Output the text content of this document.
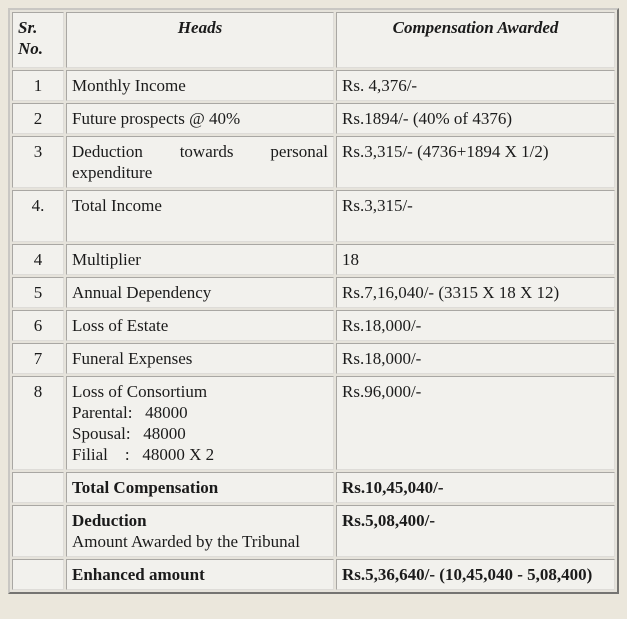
Sr. No.	Heads	Compensation Awarded
1	Monthly Income	Rs. 4,376/-
2	Future prospects @ 40%	Rs.1894/- (40% of 4376)
3	Deduction towards personal expenditure	Rs.3,315/- (4736+1894 X 1/2)
4.	Total Income	Rs.3,315/-
4	Multiplier	18
5	Annual Dependency	Rs.7,16,040/- (3315 X 18 X 12)
6	Loss of Estate	Rs.18,000/-
7	Funeral Expenses	Rs.18,000/-
8	Loss of Consortium
Parental:   48000
Spousal:   48000
Filial    :   48000 X 2	Rs.96,000/-
	Total Compensation	Rs.10,45,040/-
	Deduction
Amount Awarded by the Tribunal	Rs.5,08,400/-
	Enhanced amount	Rs.5,36,640/- (10,45,040 - 5,08,400)
